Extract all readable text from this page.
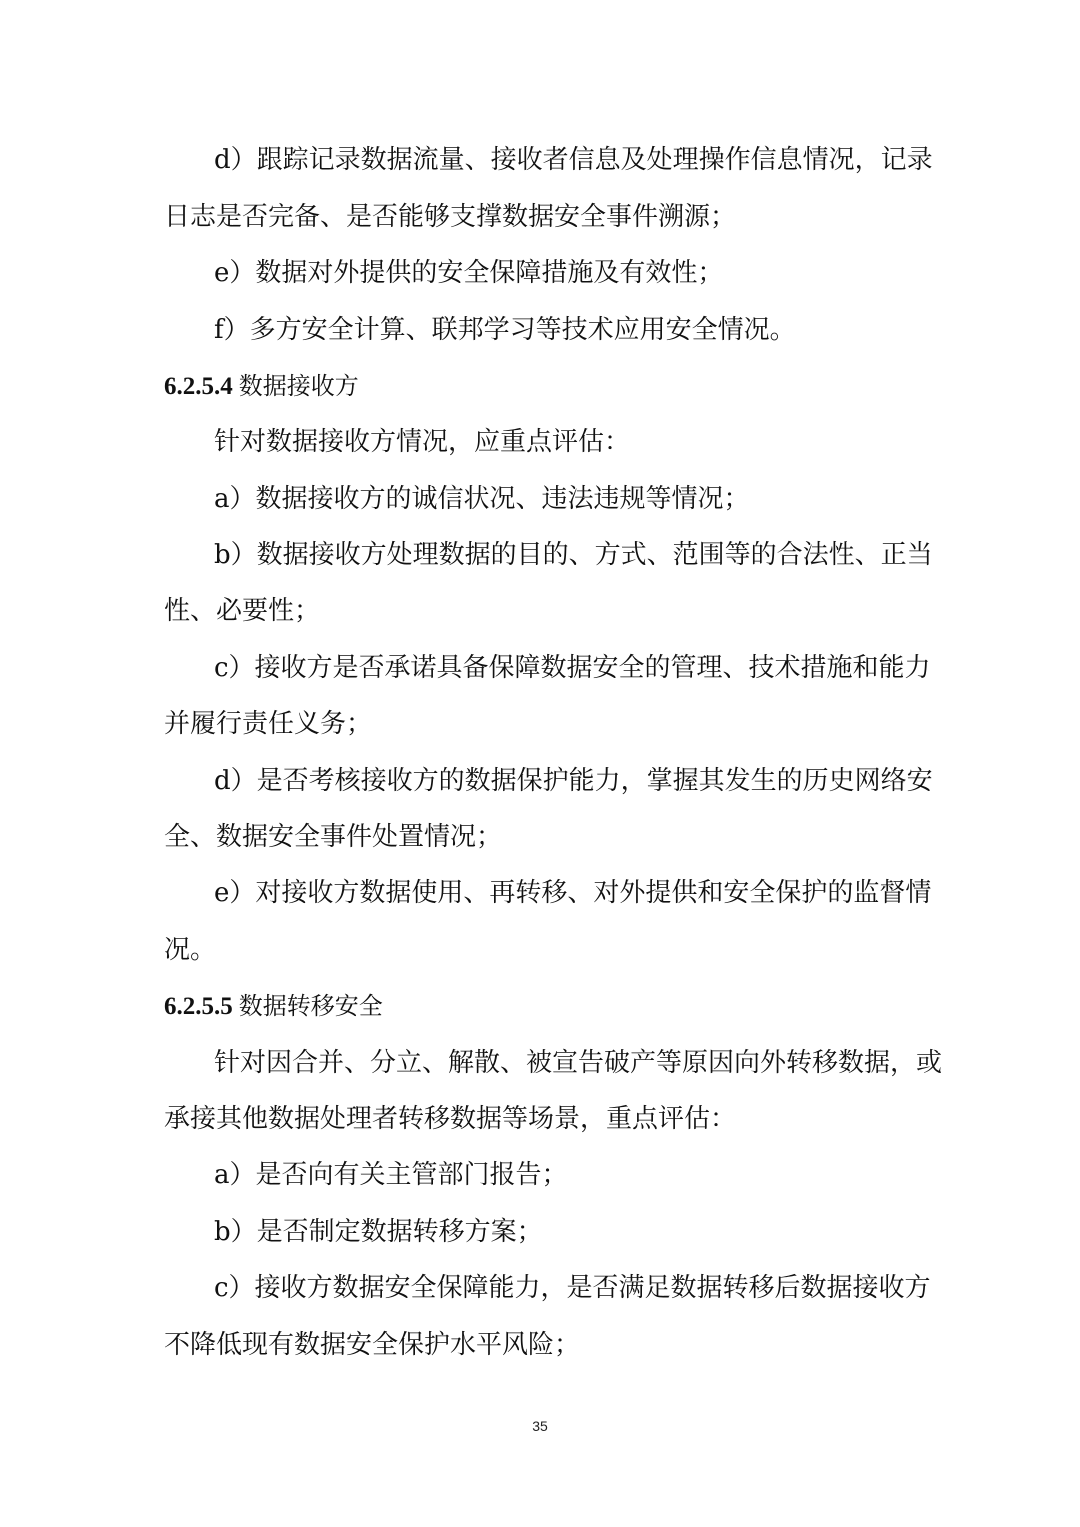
d）跟踪记录数据流量、接收者信息及处理操作信息情况，记录
日志是否完备、是否能够支撑数据安全事件溯源；
e）数据对外提供的安全保障措施及有效性；
f）多方安全计算、联邦学习等技术应用安全情况。
6.2.5.4 数据接收方
针对数据接收方情况，应重点评估：
a）数据接收方的诚信状况、违法违规等情况；
b）数据接收方处理数据的目的、方式、范围等的合法性、正当
性、必要性；
c）接收方是否承诺具备保障数据安全的管理、技术措施和能力
并履行责任义务；
d）是否考核接收方的数据保护能力，掌握其发生的历史网络安
全、数据安全事件处置情况；
e）对接收方数据使用、再转移、对外提供和安全保护的监督情
况。
6.2.5.5 数据转移安全
针对因合并、分立、解散、被宣告破产等原因向外转移数据，或
承接其他数据处理者转移数据等场景，重点评估：
a）是否向有关主管部门报告；
b）是否制定数据转移方案；
c）接收方数据安全保障能力，是否满足数据转移后数据接收方
不降低现有数据安全保护水平风险；
35
